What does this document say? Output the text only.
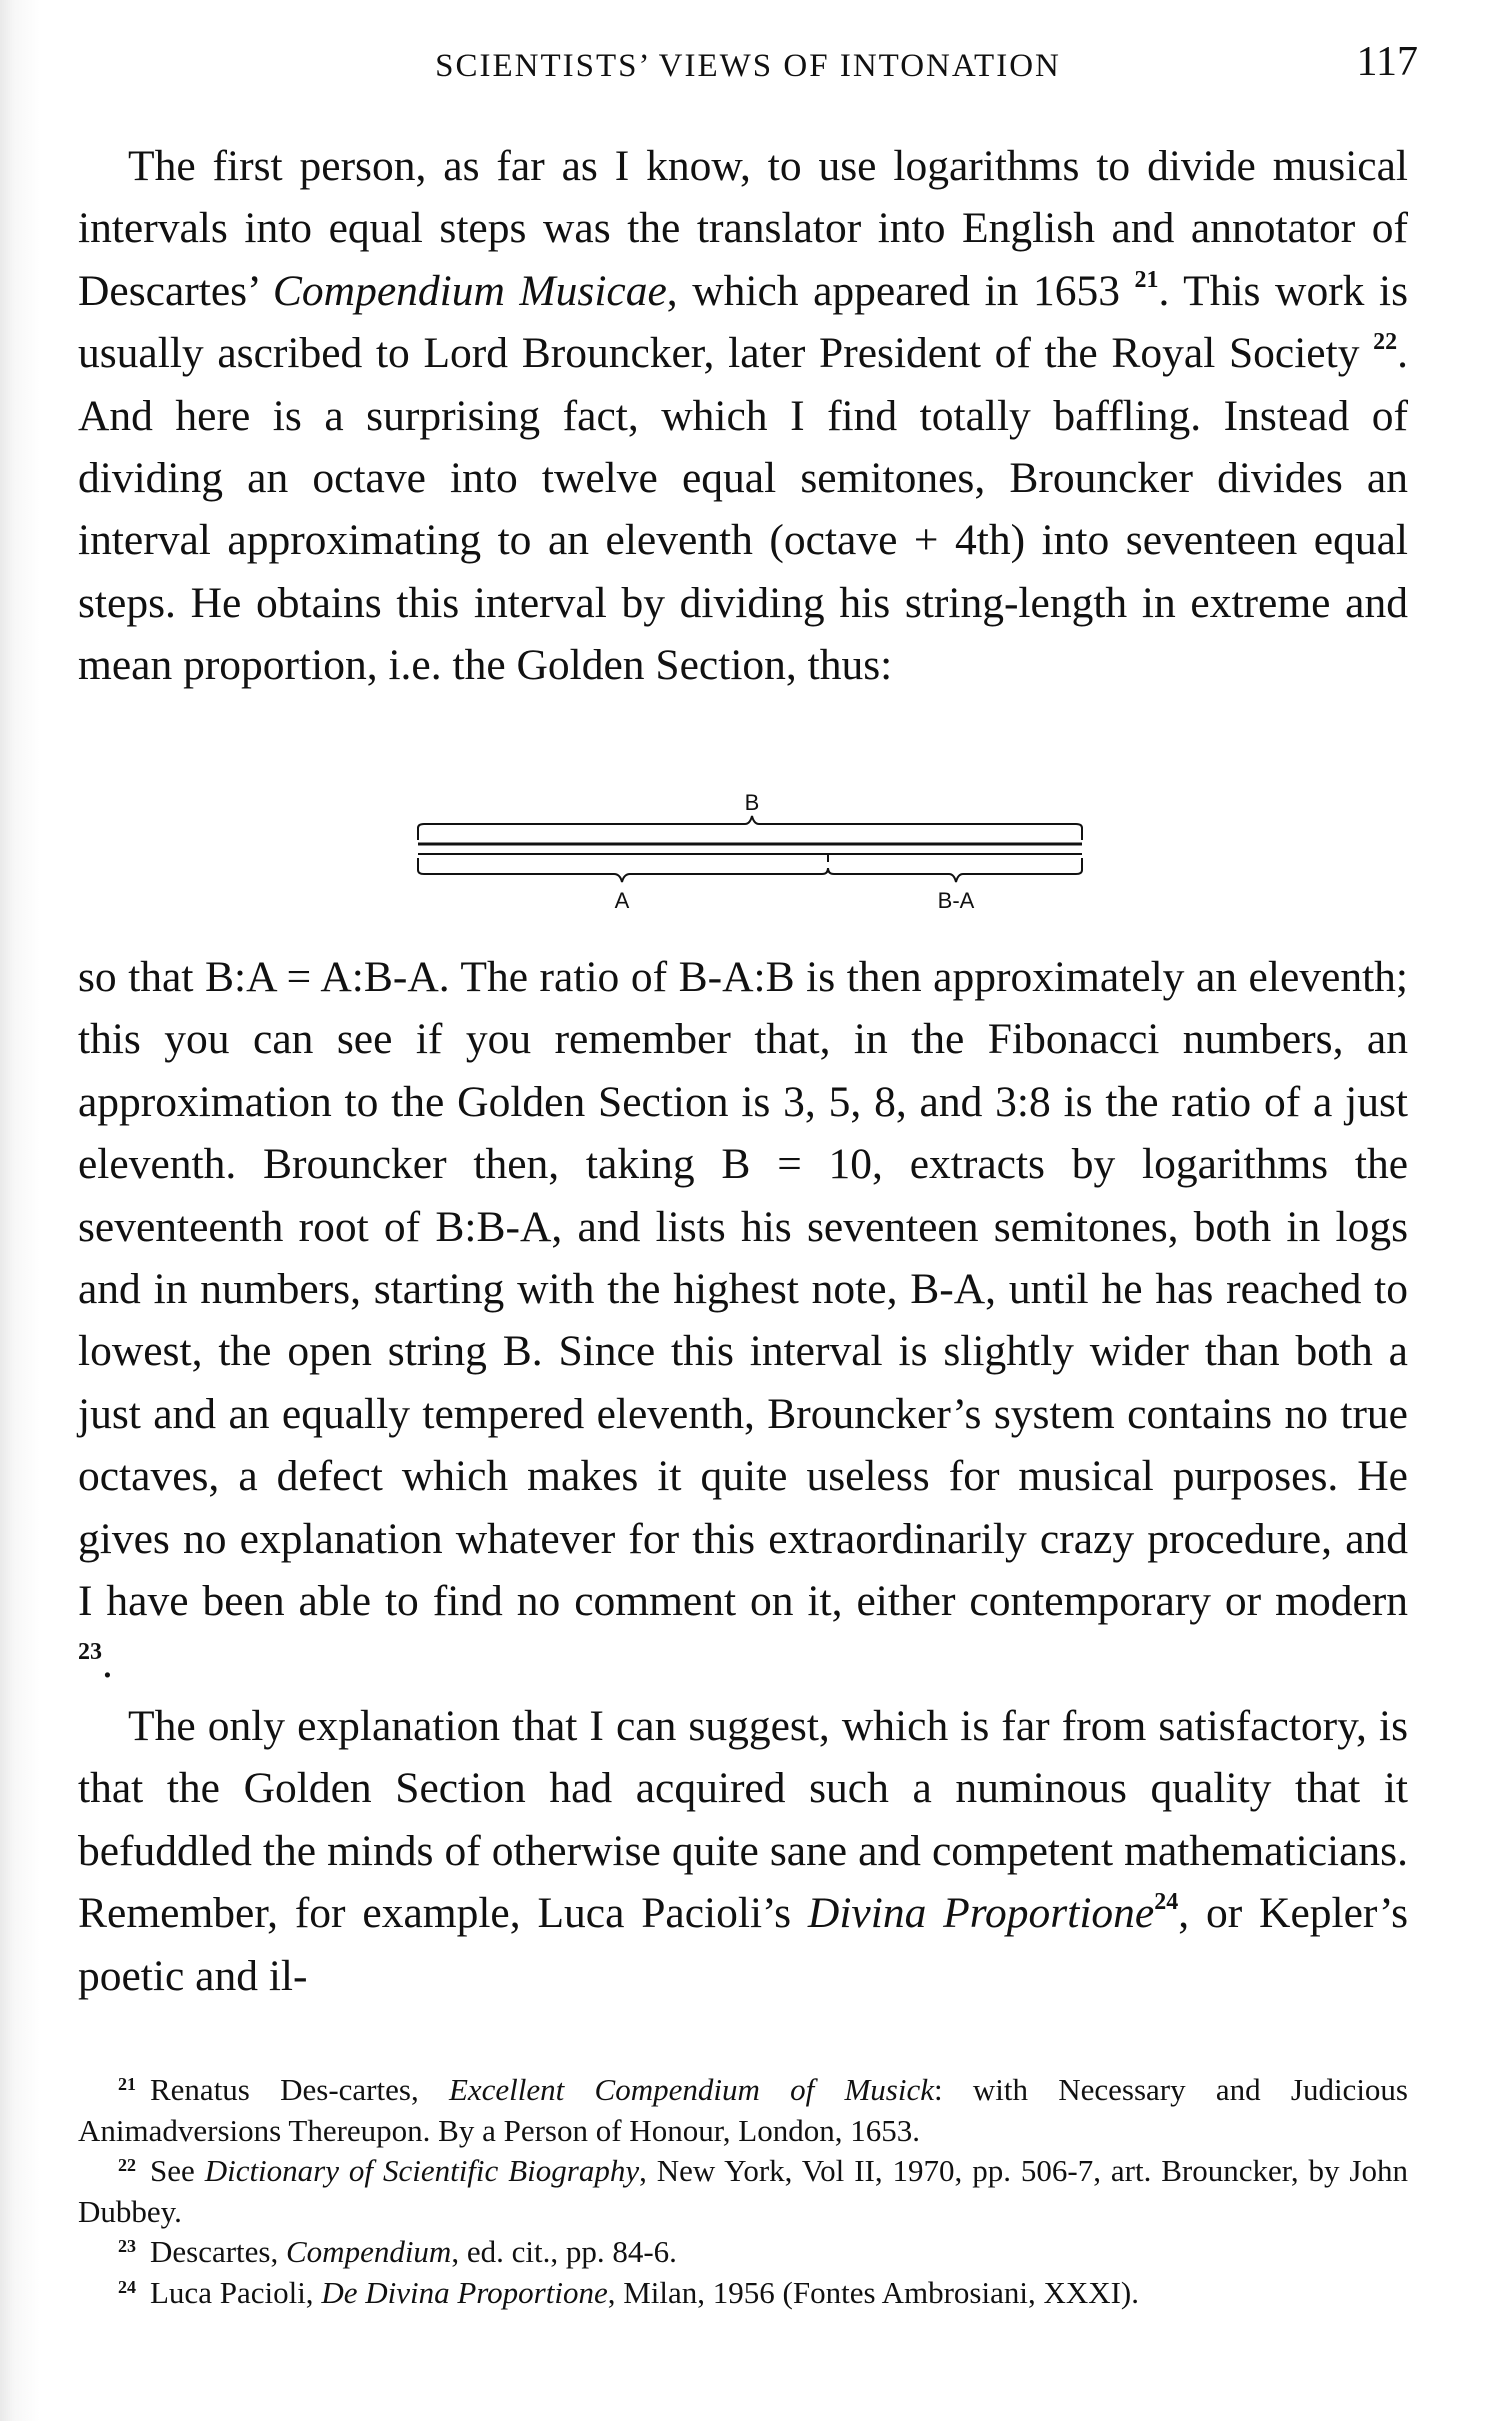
SCIENTISTS’ VIEWS OF INTONATION	117

The first person, as far as I know, to use logarithms to divide musical intervals into equal steps was the translator into English and annotator of Descartes’ Compendium Musicae, which appeared in 1653 $^{21}$. This work is usually ascribed to Lord Brouncker, later President of the Royal Society $^{22}$. And here is a surprising fact, which I find totally baffling. Instead of dividing an octave into twelve equal semitones, Brouncker divides an interval approximating to an eleventh (octave + 4th) into seventeen equal steps. He obtains this interval by dividing his string-length in extreme and mean proportion, i.e. the Golden Section, thus:

B
A	B-A

so that B:A = A:B-A. The ratio of B-A:B is then approximately an eleventh; this you can see if you remember that, in the Fibonacci numbers, an approximation to the Golden Section is 3, 5, 8, and 3:8 is the ratio of a just eleventh. Brouncker then, taking B = 10, extracts by logarithms the seventeenth root of B:B-A, and lists his seventeen semitones, both in logs and in numbers, starting with the highest note, B-A, until he has reached to lowest, the open string B. Since this interval is slightly wider than both a just and an equally tempered eleventh, Brouncker’s system contains no true octaves, a defect which makes it quite useless for musical purposes. He gives no explanation whatever for this extraordinarily crazy procedure, and I have been able to find no comment on it, either contemporary or modern $^{23}$.

The only explanation that I can suggest, which is far from satisfactory, is that the Golden Section had acquired such a numinous quality that it befuddled the minds of otherwise quite sane and competent mathematicians. Remember, for example, Luca Pacioli’s Divina Proportione$^{24}$, or Kepler’s poetic and il-

$^{21}$ Renatus Des-cartes, Excellent Compendium of Musick: with Necessary and Judicious Animadversions Thereupon. By a Person of Honour, London, 1653.

$^{22}$ See Dictionary of Scientific Biography, New York, Vol II, 1970, pp. 506-7, art. Brouncker, by John Dubbey.

$^{23}$ Descartes, Compendium, ed. cit., pp. 84-6.

$^{24}$ Luca Pacioli, De Divina Proportione, Milan, 1956 (Fontes Ambrosiani, XXXI).
